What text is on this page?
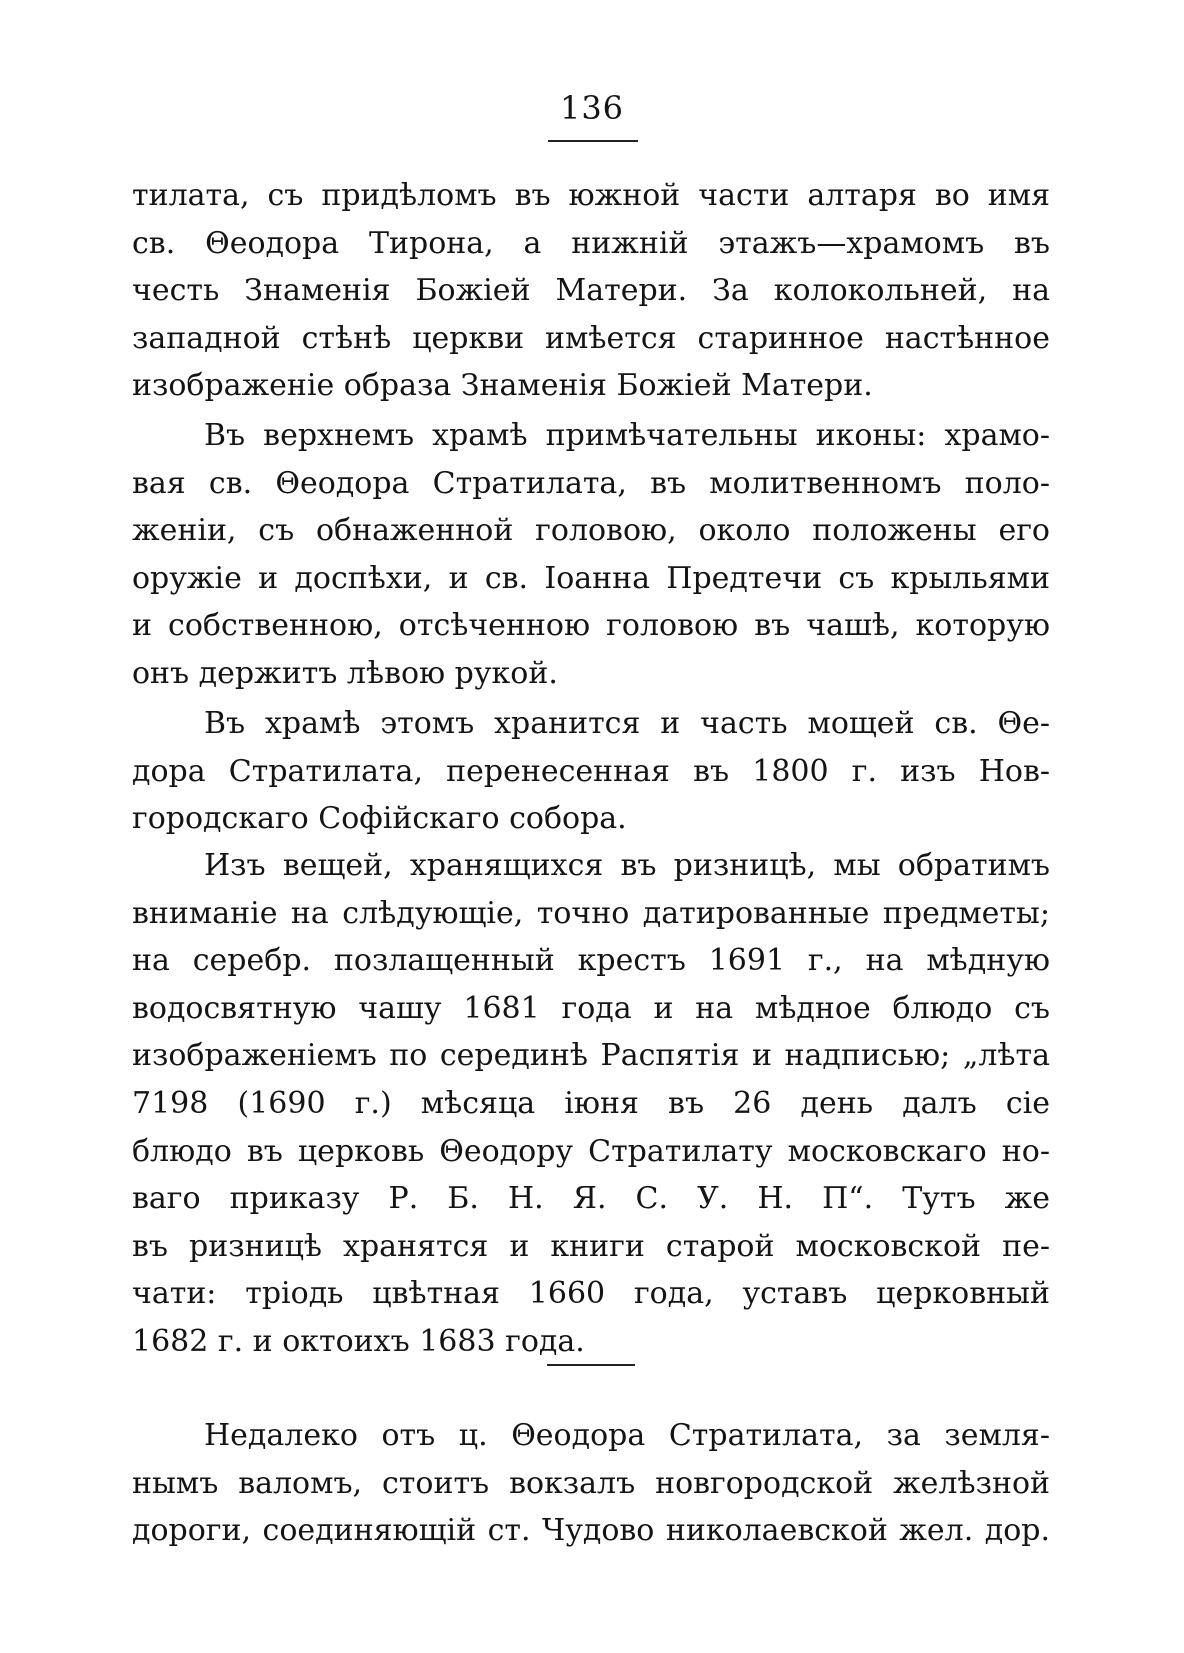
136
тилата, съ придѣломъ въ южной части алтаря во имя
св. Θеодора Тирона, а нижній этажъ—храмомъ въ
честь Знаменія Божіей Матери. За колокольней, на
западной стѣнѣ церкви имѣется старинное настѣнное
изображеніе образа Знаменія Божіей Матери.
Въ верхнемъ храмѣ примѣчательны иконы: храмо-
вая св. Θеодора Стратилата, въ молитвенномъ поло-
женіи, съ обнаженной головою, около положены его
оружіе и доспѣхи, и св. Іоанна Предтечи съ крыльями
и собственною, отсѣченною головою въ чашѣ, которую
онъ держитъ лѣвою рукой.
Въ храмѣ этомъ хранится и часть мощей св. Θе-
дора Стратилата, перенесенная въ 1800 г. изъ Нов-
городскаго Софійскаго собора.
Изъ вещей, хранящихся въ ризницѣ, мы обратимъ
вниманіе на слѣдующіе, точно датированные предметы;
на серебр. позлащенный крестъ 1691 г., на мѣдную
водосвятную чашу 1681 года и на мѣдное блюдо съ
изображеніемъ по серединѣ Распятія и надписью; „лѣта
7198 (1690 г.) мѣсяца іюня въ 26 день далъ сіе
блюдо въ церковь Θеодору Стратилату московскаго но-
ваго приказу Р. Б. Н. Я. С. У. Н. П“. Тутъ же
въ ризницѣ хранятся и книги старой московской пе-
чати: тріодь цвѣтная 1660 года, уставъ церковный
1682 г. и октоихъ 1683 года.
Недалеко отъ ц. Θеодора Стратилата, за земля-
нымъ валомъ, стоитъ вокзалъ новгородской желѣзной
дороги, соединяющій ст. Чудово николаевской жел. дор.
